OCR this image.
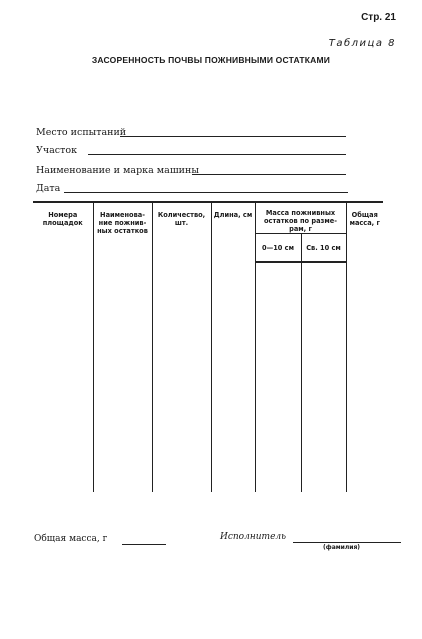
Стр. 21
Таблица 8
ЗАСОРЕННОСТЬ ПОЧВЫ ПОЖНИВНЫМИ ОСТАТКАМИ
Место испытаний
Участок
Наименование и марка машины
Дата
Номера площадок	Наименова-ние пожнив-ных остатков	Количество, шт.	Длина, см	Масса пожнивных остатков по разме-рам, г		Общая масса, г

				0—10 см	Св. 10 см	

Общая масса, г	Исполнитель
(фамилия)
